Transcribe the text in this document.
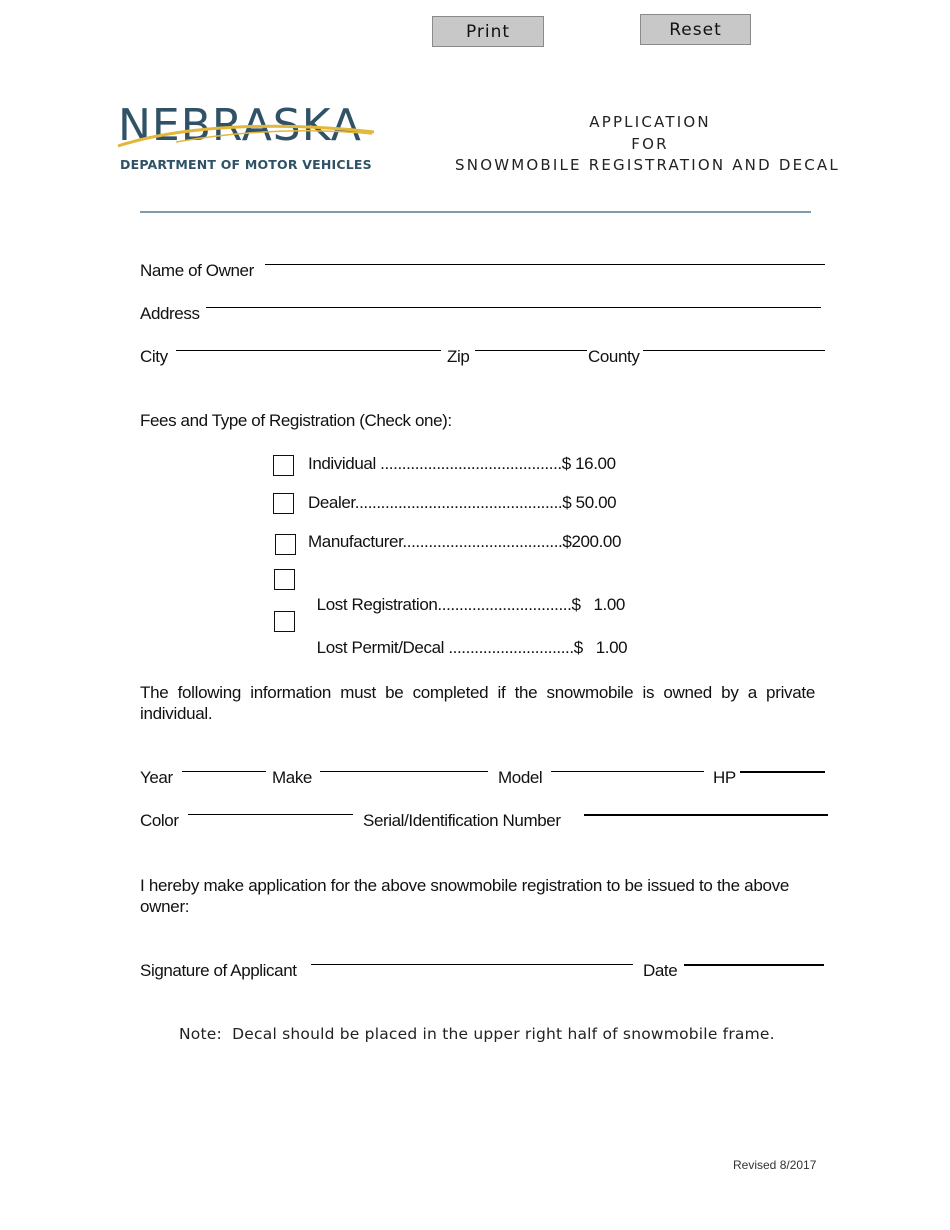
Print	Reset
NEBRASKA
DEPARTMENT OF MOTOR VEHICLES
APPLICATION
FOR
SNOWMOBILE REGISTRATION AND DECAL
Name of Owner
Address
City	Zip	County
Fees and Type of Registration (Check one):
Individual ..........................................$ 16.00
Dealer................................................$ 50.00
Manufacturer.....................................$200.00

Lost Registration...............................$   1.00

Lost Permit/Decal .............................$   1.00

The following information must be completed if the snowmobile is owned by a private individual.
Year	Make	Model	HP
Color	Serial/Identification Number
I hereby make application for the above snowmobile registration to be issued to the above owner:
Signature of Applicant	Date
Note:  Decal should be placed in the upper right half of snowmobile frame.
Revised 8/2017
